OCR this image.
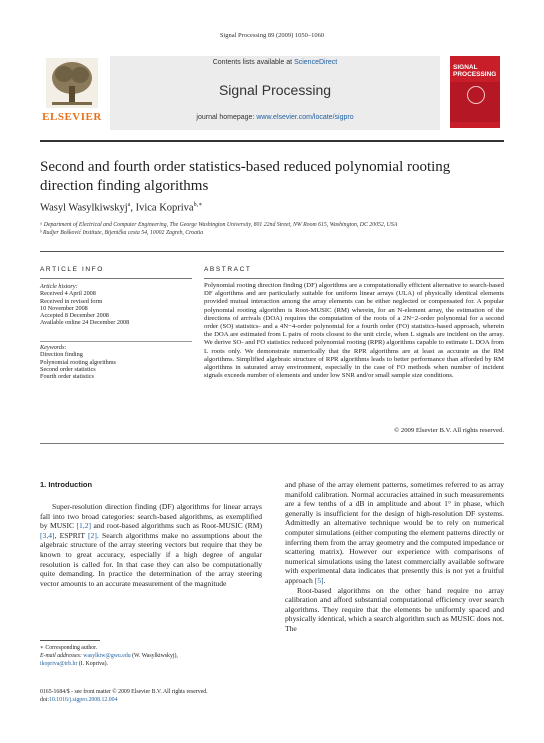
Signal Processing 89 (2009) 1050–1060
ELSEVIER
Contents lists available at ScienceDirect
Signal Processing
journal homepage: www.elsevier.com/locate/sigpro
SIGNAL
PROCESSING
Second and fourth order statistics-based reduced polynomial rooting direction finding algorithms
Wasyl Wasylkiwskyj$^a$, Ivica Kopriva$^{b,∗}$
ᵃ Department of Electrical and Computer Engineering, The George Washington University, 801 22nd Street, NW Room 615, Washington, DC 20052, USA
ᵇ Rudjer Bošković Institute, Bijenička cesta 54, 10002 Zagreb, Croatia
ARTICLE INFO	ABSTRACT
Article history:
Received 4 April 2008
Received in revised form
10 November 2008
Accepted 8 December 2008
Available online 24 December 2008
Keywords:
Direction finding
Polynomial rooting algorithms
Second order statistics
Fourth order statistics
Polynomial rooting direction finding (DF) algorithms are a computationally efficient alternative to search-based DF algorithms and are particularly suitable for uniform linear arrays (ULA) of physically identical elements provided mutual interaction among the array elements can be either neglected or compensated for. A popular polynomial rooting algorithm is Root-MUSIC (RM) wherein, for an N-element array, the estimation of the directions of arrivals (DOA) requires the computation of the roots of a 2N−2-order polynomial for a second order (SO) statistics- and a 4N−4-order polynomial for a fourth order (FO) statistics-based approach, wherein the DOA are estimated from L pairs of roots closest to the unit circle, when L signals are incident on the array. We derive SO- and FO statistics reduced polynomial rooting (RPR) algorithms capable to estimate L DOA from L roots only. We demonstrate numerically that the RPR algorithms are at least as accurate as the RM algorithms. Simplified algebraic structure of RPR algorithms leads to better performance than afforded by RM algorithms in saturated array environment, especially in the case of FO methods when number of incident signals exceeds number of elements and under low SNR and/or small sample size conditions.
© 2009 Elsevier B.V. All rights reserved.
1. Introduction
Super-resolution direction finding (DF) algorithms for linear arrays fall into two broad categories: search-based algorithms, as exemplified by MUSIC [1,2] and root-based algorithms such as Root-MUSIC (RM) [3,4], ESPRIT [2]. Search algorithms make no assumptions about the algebraic structure of the array steering vectors but require that they be known to great accuracy, especially if a high degree of angular resolution is called for. In that case they can also be computationally quite demanding. In practice the determination of the array steering vector amounts to an accurate measurement of the magnitude

and phase of the array element patterns, sometimes referred to as array manifold calibration. Normal accuracies attained in such measurements are a few tenths of a dB in amplitude and about 1° in phase, which generally is insufficient for the design of high-resolution DF systems. Admittedly an alternative technique would be to rely on numerical computer simulations (either computing the element patterns directly or inferring them from the array geometry and the computed impedance or scattering matrix). However our experience with comparisons of numerical simulations using the latest commercially available software with experimental data indicates that presently this is not yet a fruitful approach [5].

Root-based algorithms on the other hand require no array calibration and afford substantial computational efficiency over search algorithms. They require that the elements be uniformly spaced and physically identical, which a search algorithm such as MUSIC does not. The

∗ Corresponding author.
E-mail addresses: wasylkiw@gwu.edu (W. Wasylkiwskyj),
ikopriva@irb.hr (I. Kopriva).
0165-1684/$ - see front matter © 2009 Elsevier B.V. All rights reserved.
doi:10.1016/j.sigpro.2008.12.004
